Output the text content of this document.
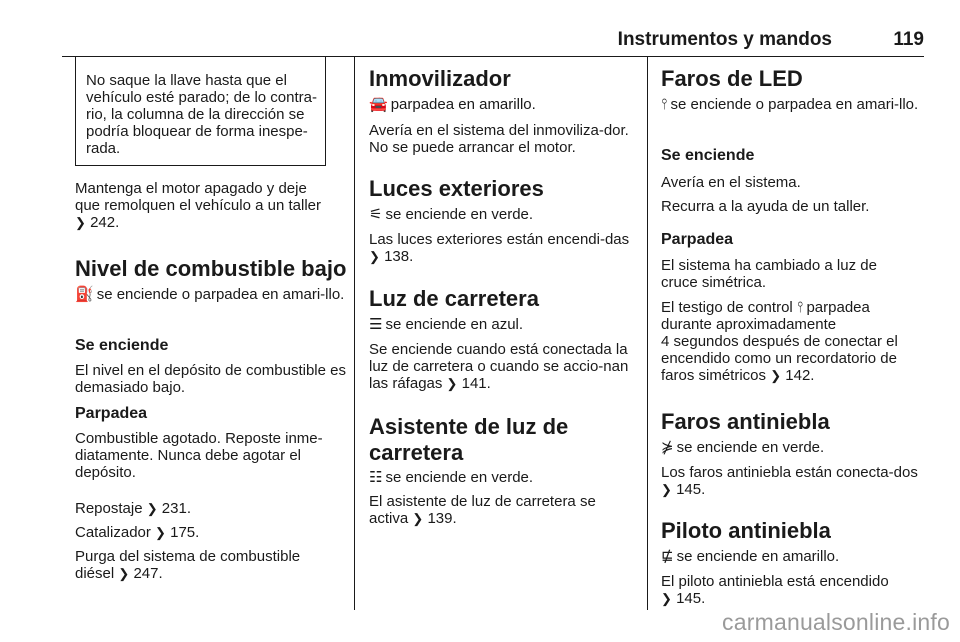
Instrumentos y mandos	119

No saque la llave hasta que el vehículo esté parado; de lo contra-rio, la columna de la dirección se podría bloquear de forma inespe-rada.

Mantenga el motor apagado y deje
que remolquen el vehículo a un taller
❯ 242.

Nivel de combustible bajo

⛽ se enciende o parpadea en amari-llo.

Se enciende

El nivel en el depósito de combustible es demasiado bajo.

Parpadea

Combustible agotado. Reposte inme-diatamente. Nunca debe agotar el depósito.

Repostaje ❯ 231.

Catalizador ❯ 175.

Purga del sistema de combustible
diésel ❯ 247.

Inmovilizador

🚘 parpadea en amarillo.

Avería en el sistema del inmoviliza-dor. No se puede arrancar el motor.

Luces exteriores

⚟ se enciende en verde.

Las luces exteriores están encendi-das ❯ 138.

Luz de carretera

☰ se enciende en azul.

Se enciende cuando está conectada la luz de carretera o cuando se accio-nan las ráfagas ❯ 141.

Asistente de luz de
carretera

☷ se enciende en verde.

El asistente de luz de carretera se activa ❯ 139.

Faros de LED

⫯ se enciende o parpadea en amari-llo.

Se enciende

Avería en el sistema.

Recurra a la ayuda de un taller.

Parpadea

El sistema ha cambiado a luz de cruce simétrica.

El testigo de control ⫯ parpadea
durante aproximadamente
4 segundos después de conectar el encendido como un recordatorio de faros simétricos ❯ 142.

Faros antiniebla

⋡ se enciende en verde.

Los faros antiniebla están conecta-dos ❯ 145.

Piloto antiniebla

⋢ se enciende en amarillo.

El piloto antiniebla está encendido
❯ 145.

carmanualsonline.info
